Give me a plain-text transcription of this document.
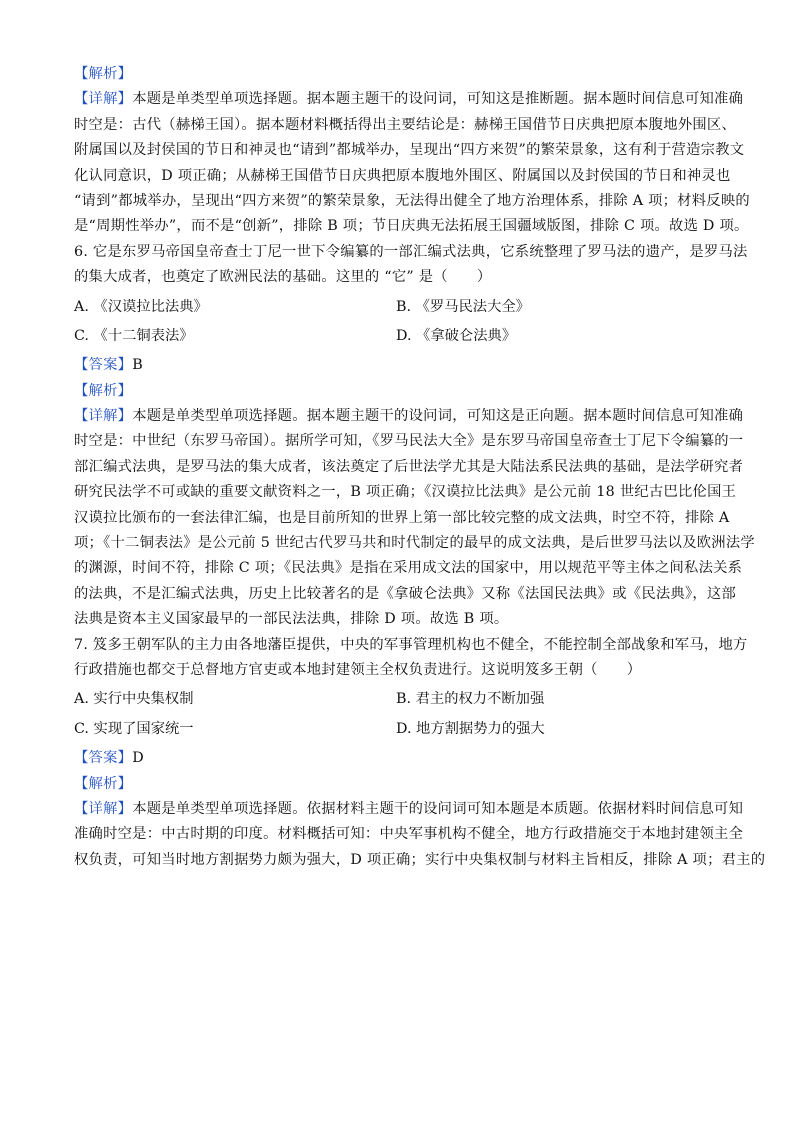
【解析】
【详解】本题是单类型单项选择题。据本题主题干的设问词，可知这是推断题。据本题时间信息可知准确
时空是：古代（赫梯王国）。据本题材料概括得出主要结论是：赫梯王国借节日庆典把原本腹地外围区、
附属国以及封侯国的节日和神灵也“请到”都城举办，呈现出“四方来贺”的繁荣景象，这有利于营造宗教文
化认同意识，D 项正确；从赫梯王国借节日庆典把原本腹地外围区、附属国以及封侯国的节日和神灵也
“请到”都城举办，呈现出“四方来贺”的繁荣景象，无法得出健全了地方治理体系，排除 A 项；材料反映的
是“周期性举办”，而不是“创新”，排除 B 项；节日庆典无法拓展王国疆域版图，排除 C 项。故选 D 项。
6. 它是东罗马帝国皇帝查士丁尼一世下令编纂的一部汇编式法典，它系统整理了罗马法的遗产，是罗马法
的集大成者，也奠定了欧洲民法的基础。这里的 “它” 是（　　）
A. 《汉谟拉比法典》	B. 《罗马民法大全》
C. 《十二铜表法》	D. 《拿破仑法典》
【答案】B
【解析】
【详解】本题是单类型单项选择题。据本题主题干的设问词，可知这是正向题。据本题时间信息可知准确
时空是：中世纪（东罗马帝国）。据所学可知，《罗马民法大全》是东罗马帝国皇帝查士丁尼下令编纂的一
部汇编式法典，是罗马法的集大成者，该法奠定了后世法学尤其是大陆法系民法典的基础，是法学研究者
研究民法学不可或缺的重要文献资料之一，B 项正确；《汉谟拉比法典》是公元前 18 世纪古巴比伦国王
汉谟拉比颁布的一套法律汇编，也是目前所知的世界上第一部比较完整的成文法典，时空不符，排除 A
项；《十二铜表法》是公元前 5 世纪古代罗马共和时代制定的最早的成文法典，是后世罗马法以及欧洲法学
的渊源，时间不符，排除 C 项；《民法典》是指在采用成文法的国家中，用以规范平等主体之间私法关系
的法典，不是汇编式法典，历史上比较著名的是《拿破仑法典》又称《法国民法典》或《民法典》，这部
法典是资本主义国家最早的一部民法法典，排除 D 项。故选 B 项。
7. 笈多王朝军队的主力由各地藩臣提供，中央的军事管理机构也不健全，不能控制全部战象和军马，地方
行政措施也都交于总督地方官吏或本地封建领主全权负责进行。这说明笈多王朝（　　）
A. 实行中央集权制	B. 君主的权力不断加强
C. 实现了国家统一	D. 地方割据势力的强大
【答案】D
【解析】
【详解】本题是单类型单项选择题。依据材料主题干的设问词可知本题是本质题。依据材料时间信息可知
准确时空是：中古时期的印度。材料概括可知：中央军事机构不健全，地方行政措施交于本地封建领主全
权负责，可知当时地方割据势力颇为强大，D 项正确；实行中央集权制与材料主旨相反，排除 A 项；君主的
